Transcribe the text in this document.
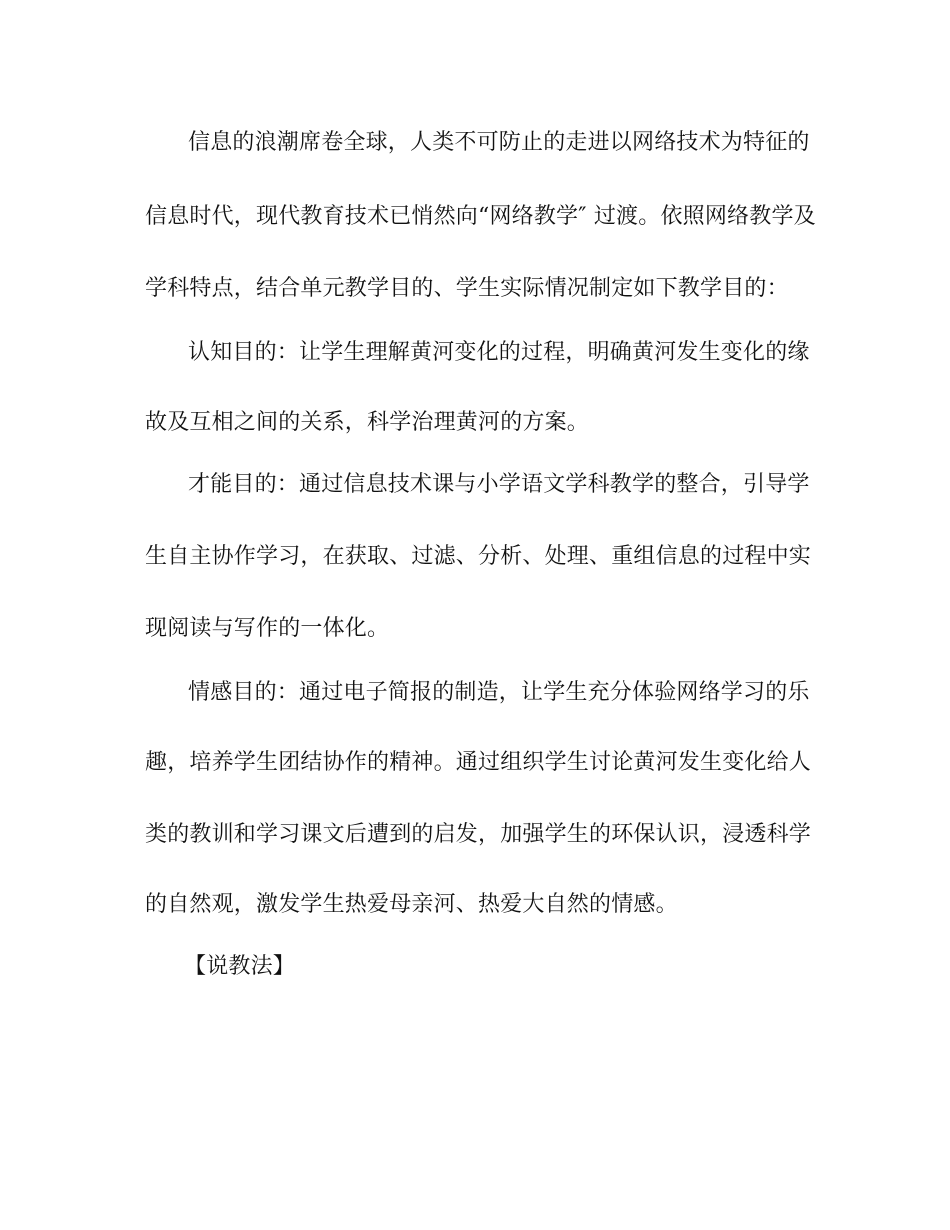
信息的浪潮席卷全球，人类不可防止的走进以网络技术为特征的
信息时代，现代教育技术已悄然向“网络教学″ 过渡。依照网络教学及
学科特点，结合单元教学目的、学生实际情况制定如下教学目的：
认知目的：让学生理解黄河变化的过程，明确黄河发生变化的缘
故及互相之间的关系，科学治理黄河的方案。
才能目的：通过信息技术课与小学语文学科教学的整合，引导学
生自主协作学习，在获取、过滤、分析、处理、重组信息的过程中实
现阅读与写作的一体化。
情感目的：通过电子简报的制造，让学生充分体验网络学习的乐
趣，培养学生团结协作的精神。通过组织学生讨论黄河发生变化给人
类的教训和学习课文后遭到的启发，加强学生的环保认识，浸透科学
的自然观，激发学生热爱母亲河、热爱大自然的情感。
【说教法】
